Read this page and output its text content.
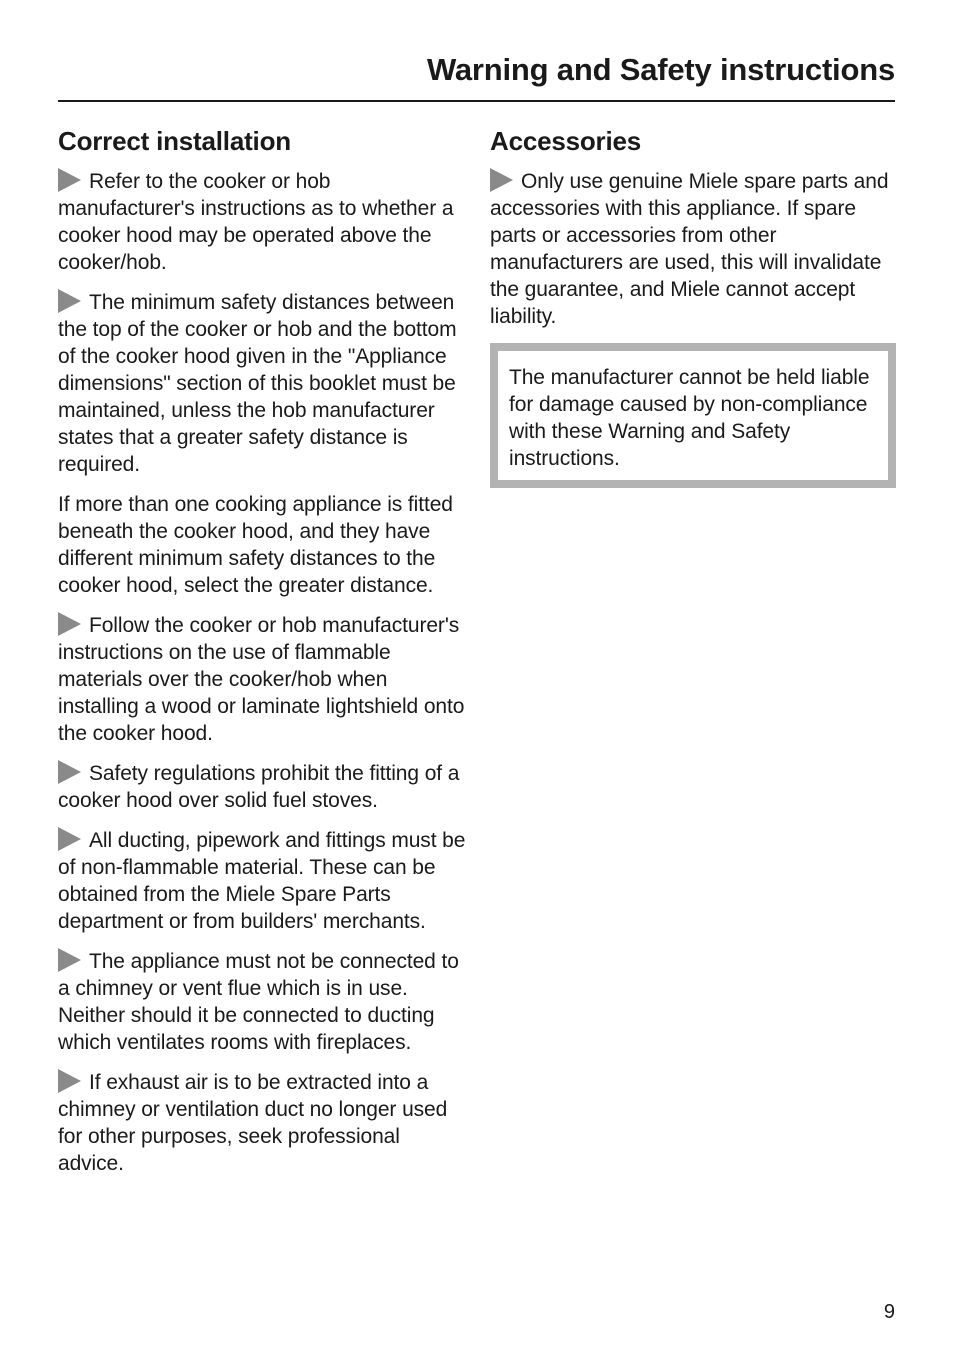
Warning and Safety instructions
Correct installation

Refer to the cooker or hob manufacturer's instructions as to whether a cooker hood may be operated above the cooker/hob.

The minimum safety distances between the top of the cooker or hob and the bottom of the cooker hood given in the "Appliance dimensions" section of this booklet must be maintained, unless the hob manufacturer states that a greater safety distance is required.

If more than one cooking appliance is fitted beneath the cooker hood, and they have different minimum safety distances to the cooker hood, select the greater distance.

Follow the cooker or hob manufacturer's instructions on the use of flammable materials over the cooker/hob when installing a wood or laminate lightshield onto the cooker hood.

Safety regulations prohibit the fitting of a cooker hood over solid fuel stoves.

All ducting, pipework and fittings must be of non-flammable material. These can be obtained from the Miele Spare Parts department or from builders' merchants.

The appliance must not be connected to a chimney or vent flue which is in use. Neither should it be connected to ducting which ventilates rooms with fireplaces.

If exhaust air is to be extracted into a chimney or ventilation duct no longer used for other purposes, seek professional advice.

Accessories

Only use genuine Miele spare parts and accessories with this appliance. If spare parts or accessories from other manufacturers are used, this will invalidate the guarantee, and Miele cannot accept liability.

The manufacturer cannot be held liable for damage caused by non-compliance with these Warning and Safety instructions.
9
